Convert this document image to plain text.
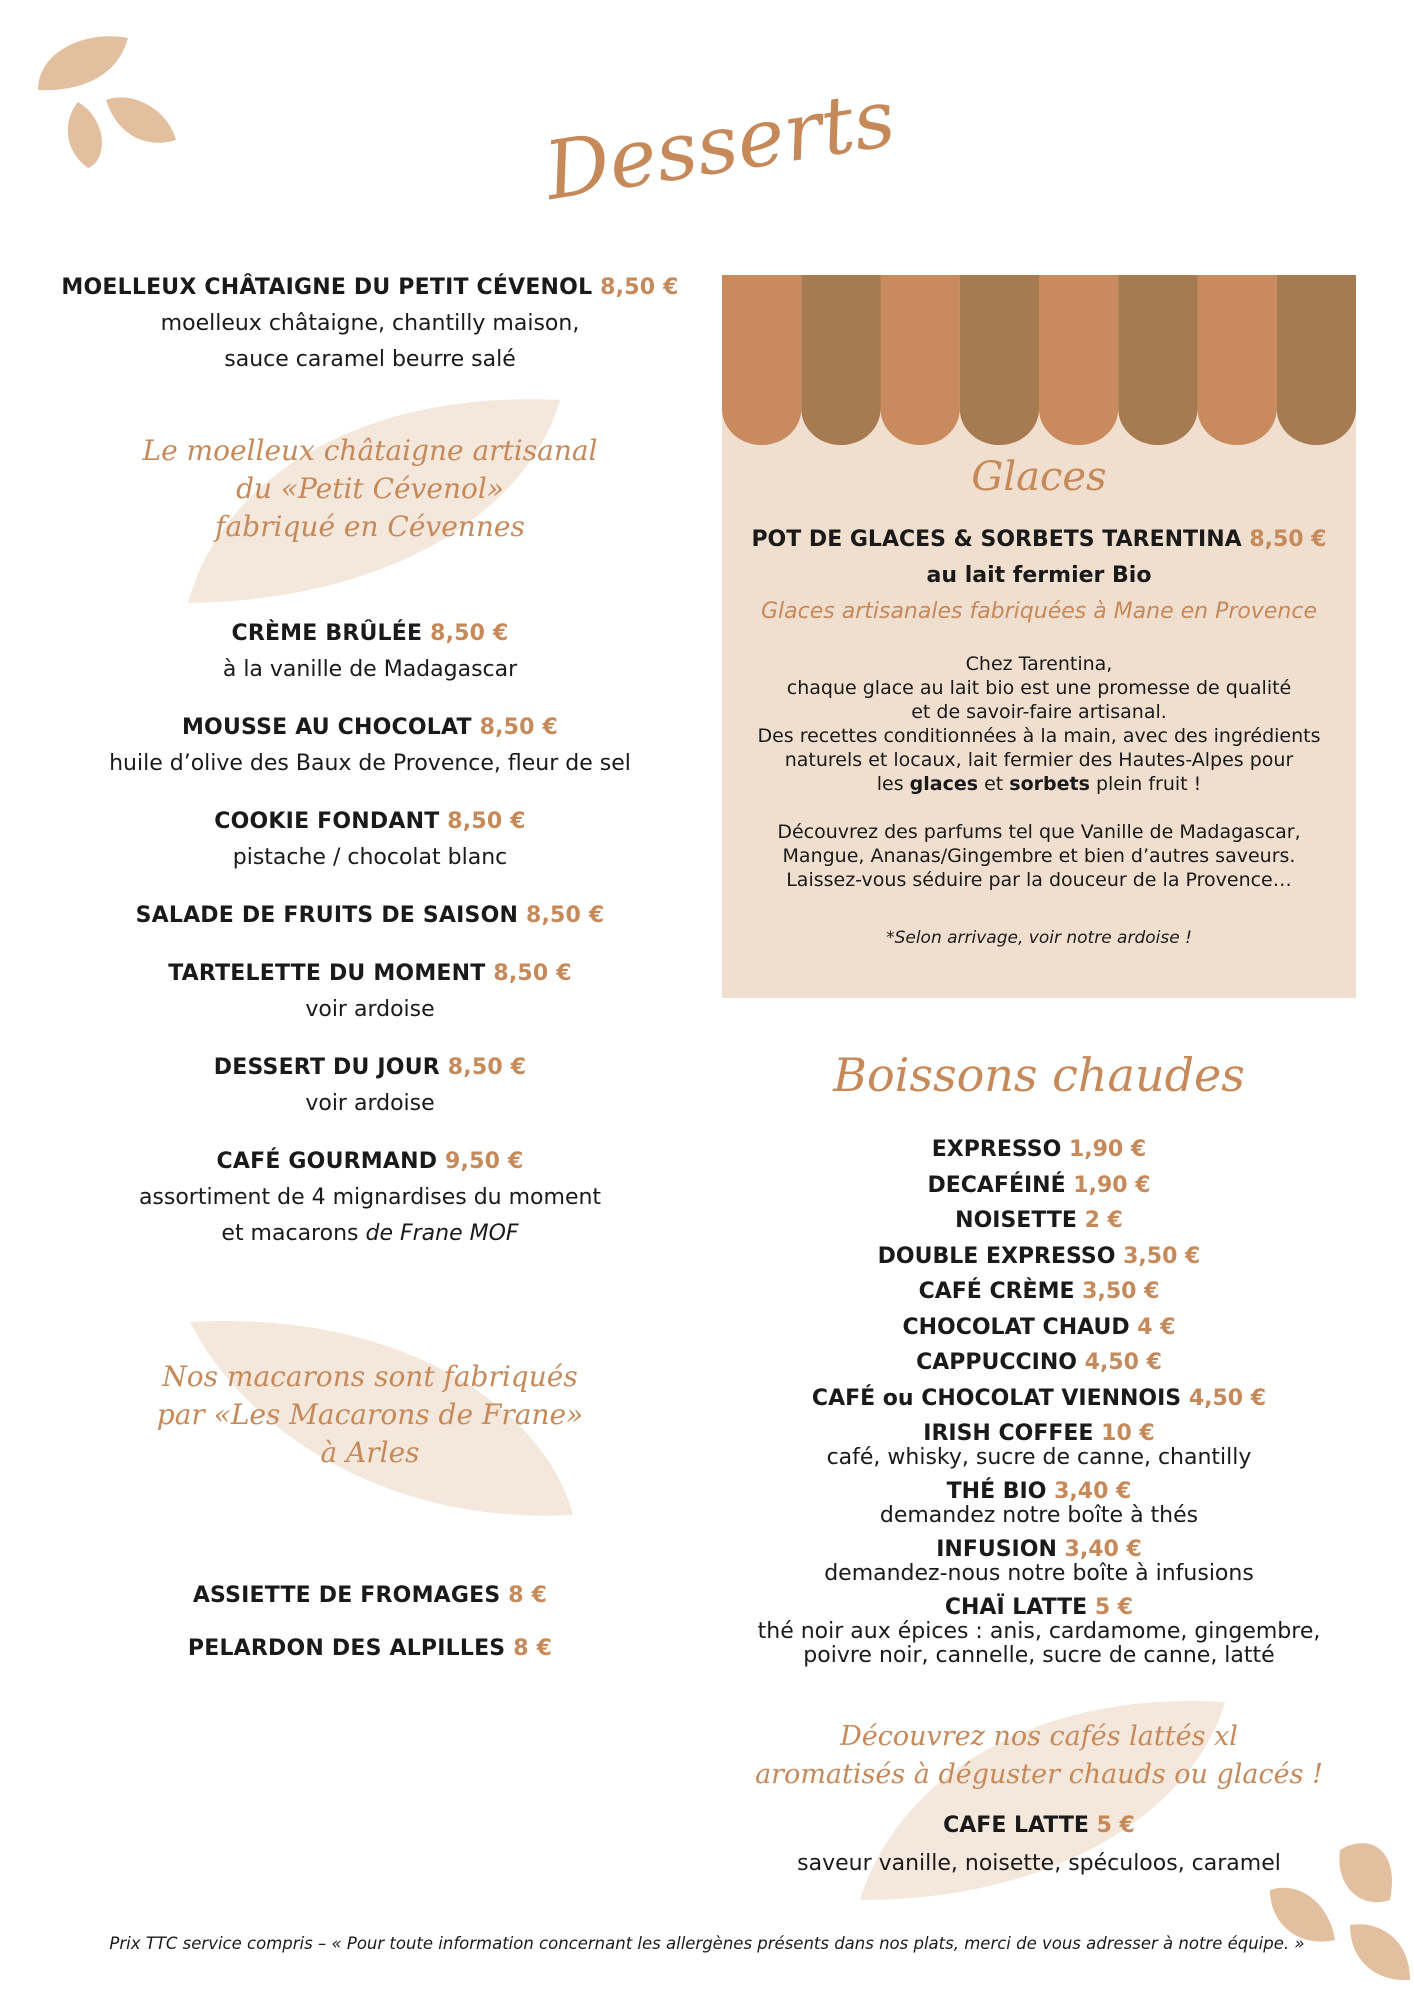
Desserts
MOELLEUX CHÂTAIGNE DU PETIT CÉVENOL 8,50 €
moelleux châtaigne, chantilly maison,
sauce caramel beurre salé
Le moelleux châtaigne artisanal
du «Petit Cévenol»
fabriqué en Cévennes
CRÈME BRÛLÉE 8,50 €
à la vanille de Madagascar
MOUSSE AU CHOCOLAT 8,50 €
huile d’olive des Baux de Provence, fleur de sel
COOKIE FONDANT 8,50 €
pistache / chocolat blanc
SALADE DE FRUITS DE SAISON 8,50 €
TARTELETTE DU MOMENT 8,50 €
voir ardoise
DESSERT DU JOUR 8,50 €
voir ardoise
CAFÉ GOURMAND 9,50 €
assortiment de 4 mignardises du moment
et macarons de Frane MOF
Nos macarons sont fabriqués
par «Les Macarons de Frane»
à Arles
ASSIETTE DE FROMAGES 8 €
PELARDON DES ALPILLES 8 €
Glaces
POT DE GLACES & SORBETS TARENTINA 8,50 €
au lait fermier Bio
Glaces artisanales fabriquées à Mane en Provence
Chez Tarentina,
chaque glace au lait bio est une promesse de qualité
et de savoir-faire artisanal.
Des recettes conditionnées à la main, avec des ingrédients
naturels et locaux, lait fermier des Hautes-Alpes pour
les glaces et sorbets plein fruit !
Découvrez des parfums tel que Vanille de Madagascar,
Mangue, Ananas/Gingembre et bien d’autres saveurs.
Laissez-vous séduire par la douceur de la Provence…
*Selon arrivage, voir notre ardoise !
Boissons chaudes
EXPRESSO 1,90 €
DECAFÉINÉ 1,90 €
NOISETTE 2 €
DOUBLE EXPRESSO 3,50 €
CAFÉ CRÈME 3,50 €
CHOCOLAT CHAUD 4 €
CAPPUCCINO 4,50 €
CAFÉ ou CHOCOLAT VIENNOIS 4,50 €
IRISH COFFEE 10 €
café, whisky, sucre de canne, chantilly
THÉ BIO 3,40 €
demandez notre boîte à thés
INFUSION 3,40 €
demandez-nous notre boîte à infusions
CHAÏ LATTE 5 €
thé noir aux épices : anis, cardamome, gingembre,
poivre noir, cannelle, sucre de canne, latté
Découvrez nos cafés lattés xl
aromatisés à déguster chauds ou glacés !
CAFE LATTE 5 €
saveur vanille, noisette, spéculoos, caramel
Prix TTC service compris – « Pour toute information concernant les allergènes présents dans nos plats, merci de vous adresser à notre équipe. »
